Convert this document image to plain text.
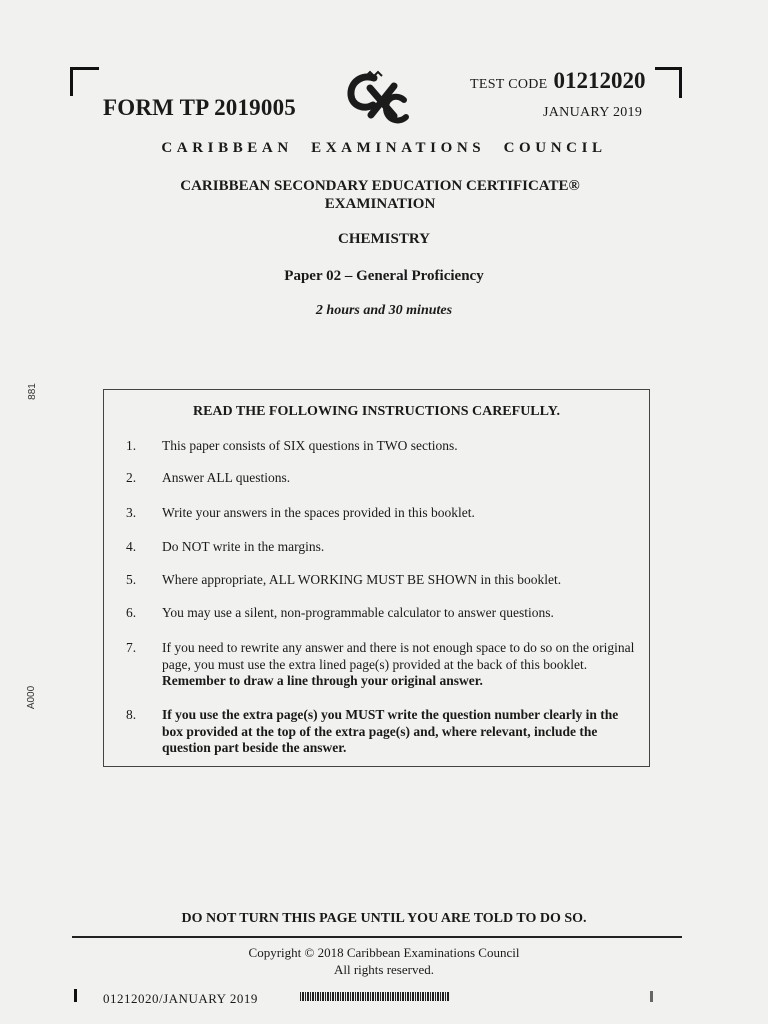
FORM TP 2019005
TEST CODE 01212020
JANUARY 2019
CARIBBEAN EXAMINATIONS COUNCIL
CARIBBEAN SECONDARY EDUCATION CERTIFICATE®
EXAMINATION
CHEMISTRY
Paper 02 – General Proficiency
2 hours and 30 minutes
881
A000
READ THE FOLLOWING INSTRUCTIONS CAREFULLY.
1.	This paper consists of SIX questions in TWO sections.
2.	Answer ALL questions.
3.	Write your answers in the spaces provided in this booklet.
4.	Do NOT write in the margins.
5.	Where appropriate, ALL WORKING MUST BE SHOWN in this booklet.
6.	You may use a silent, non-programmable calculator to answer questions.
7.	If you need to rewrite any answer and there is not enough space to do so on the original page, you must use the extra lined page(s) provided at the back of this booklet. Remember to draw a line through your original answer.
8.	If you use the extra page(s) you MUST write the question number clearly in the box provided at the top of the extra page(s) and, where relevant, include the question part beside the answer.
DO NOT TURN THIS PAGE UNTIL YOU ARE TOLD TO DO SO.
Copyright © 2018 Caribbean Examinations Council
All rights reserved.
01212020/JANUARY 2019
